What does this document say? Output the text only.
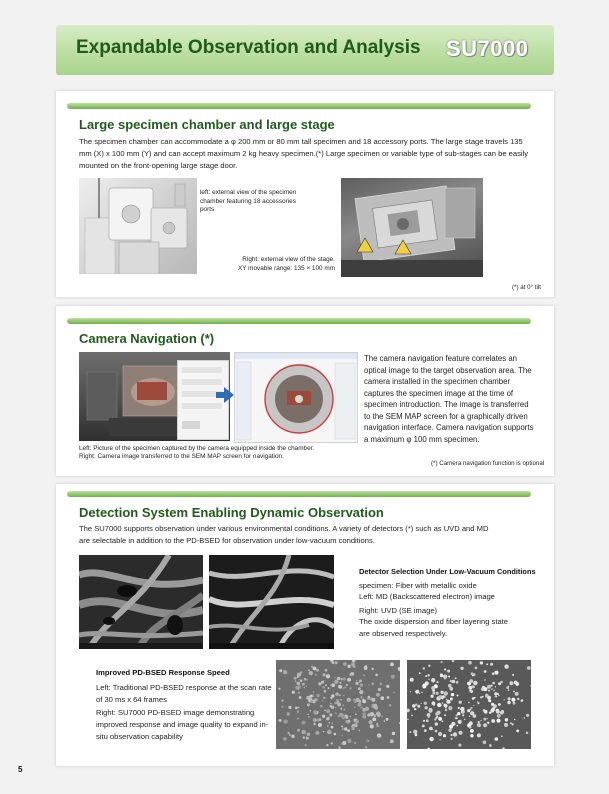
Expandable Observation and Analysis SU7000
Large specimen chamber and large stage
The specimen chamber can accommodate a φ 200 mm or 80 mm tall specimen and 18 accessory ports. The large stage travels 135 mm (X) x 100 mm (Y) and can accept maximum 2 kg heavy specimen.(*) Large specimen or variable type of sub-stages can be easily mounted on the front-opening large stage door.
left: external view of the specimen chamber featuring 18 accessories ports
Right: external view of the stage.
XY movable range: 135 × 100 mm
(*) at 0° tilt
Camera Navigation (*)
Left: Picture of the specimen captured by the camera equipped inside the chamber.
Right: Camera image transferred to the SEM MAP screen for navigation.
The camera navigation feature correlates an optical image to the target observation area. The camera installed in the specimen chamber captures the specimen image at the time of specimen introduction. The image is transferred to the SEM MAP screen for a graphically driven navigation interface. Camera navigation supports a maximum φ 100 mm specimen.
(*) Camera navigation function is optional
Detection System Enabling Dynamic Observation
The SU7000 supports observation under various environmental conditions. A variety of detectors (*) such as UVD and MD are selectable in addition to the PD-BSED for observation under low-vacuum conditions.
Detector Selection Under Low-Vacuum Conditions
specimen: Fiber with metallic oxide
Left: MD (Backscattered electron) image
Right: UVD (SE image)
The oxide dispersion and fiber layering state are observed respectively.
Improved PD-BSED Response Speed
Left: Traditional PD-BSED response at the scan rate of 30 ms x 64 frames
Right: SU7000 PD-BSED image demonstrating improved response and image quality to expand in-situ observation capability
5
